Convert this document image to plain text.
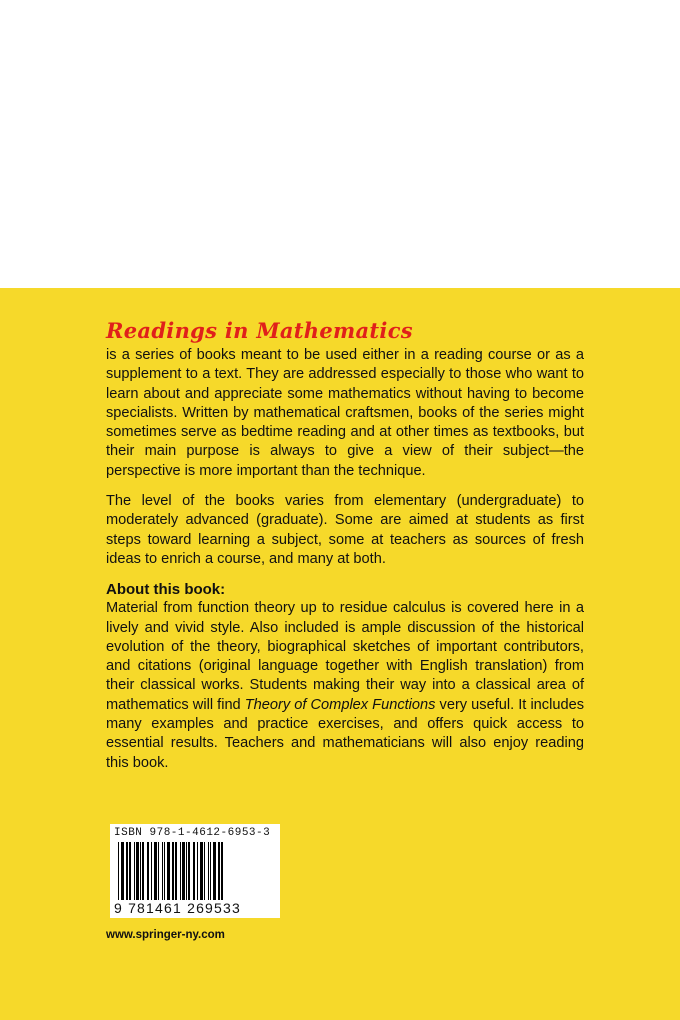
Readings in Mathematics

is a series of books meant to be used either in a reading course or as a supplement to a text. They are addressed especially to those who want to learn about and appreciate some mathematics without having to become specialists. Written by mathematical craftsmen, books of the series might sometimes serve as bedtime reading and at other times as textbooks, but their main purpose is always to give a view of their subject—the perspective is more important than the technique.

The level of the books varies from elementary (undergraduate) to moderately advanced (graduate). Some are aimed at students as first steps toward learning a subject, some at teachers as sources of fresh ideas to enrich a course, and many at both.

About this book:

Material from function theory up to residue calculus is covered here in a lively and vivid style. Also included is ample discussion of the historical evolution of the theory, biographical sketches of important contributors, and citations (original language together with English translation) from their classical works. Students making their way into a classical area of mathematics will find Theory of Complex Functions very useful. It includes many examples and practice exercises, and offers quick access to essential results. Teachers and mathematicians will also enjoy reading this book.

ISBN 978-1-4612-6953-3
9 781461 269533
www.springer-ny.com
